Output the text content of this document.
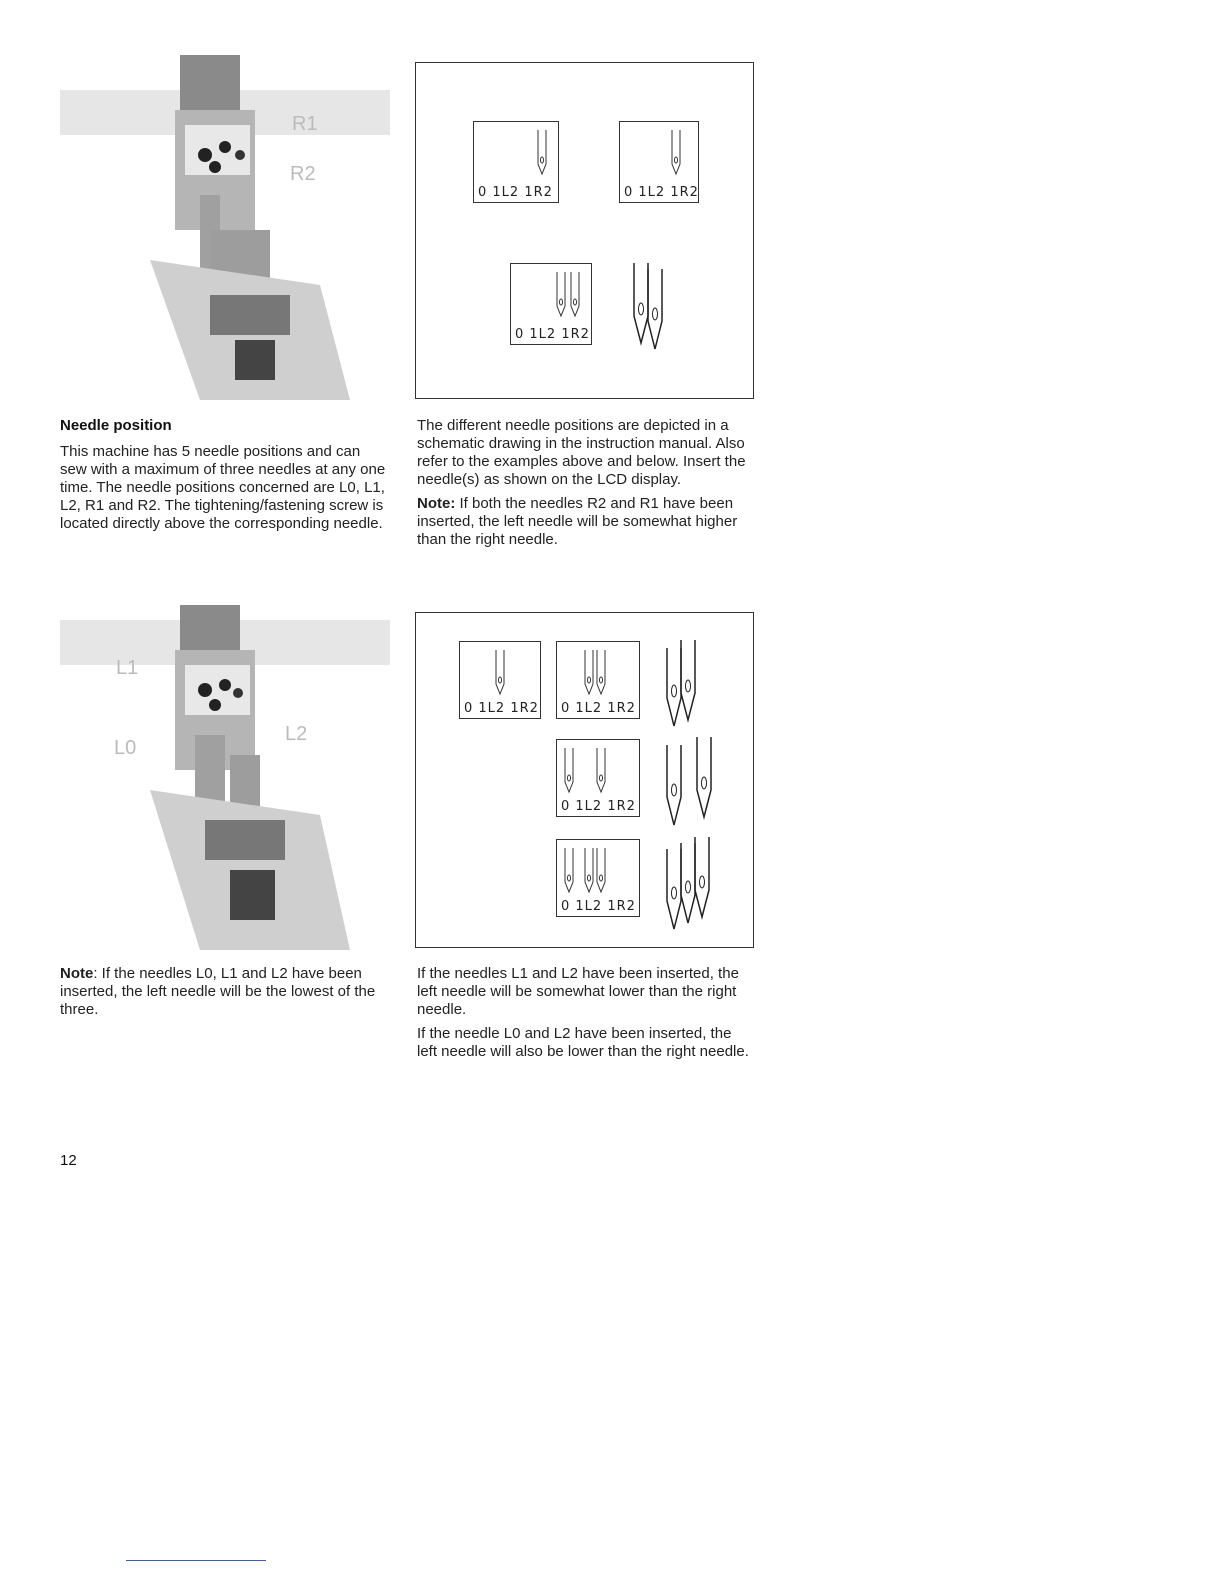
R1
R2
0 1L2 1R2	0 1L2 1R2
0 1L2 1R2
Needle position

This machine has 5 needle positions and can sew with a maximum of three needles at any one time. The needle positions concerned are L0, L1, L2, R1 and R2. The tightening/fastening screw is located directly above the corresponding needle.

The different needle positions are depicted in a schematic drawing in the instruction manual. Also refer to the examples above and below. Insert the needle(s) as shown on the LCD display.

Note: If both the needles R2 and R1 have been inserted, the left needle will be somewhat higher than the right needle.

L1
L0
L2
0 1L2 1R2 0 1L2 1R2
0 1L2 1R2
0 1L2 1R2

Note: If the needles L0, L1 and L2 have been inserted, the left needle will be the lowest of the three.

If the needles L1 and L2 have been inserted, the left needle will be somewhat lower than the right needle.

If the needle L0 and L2 have been inserted, the left needle will also be lower than the right needle.

12
